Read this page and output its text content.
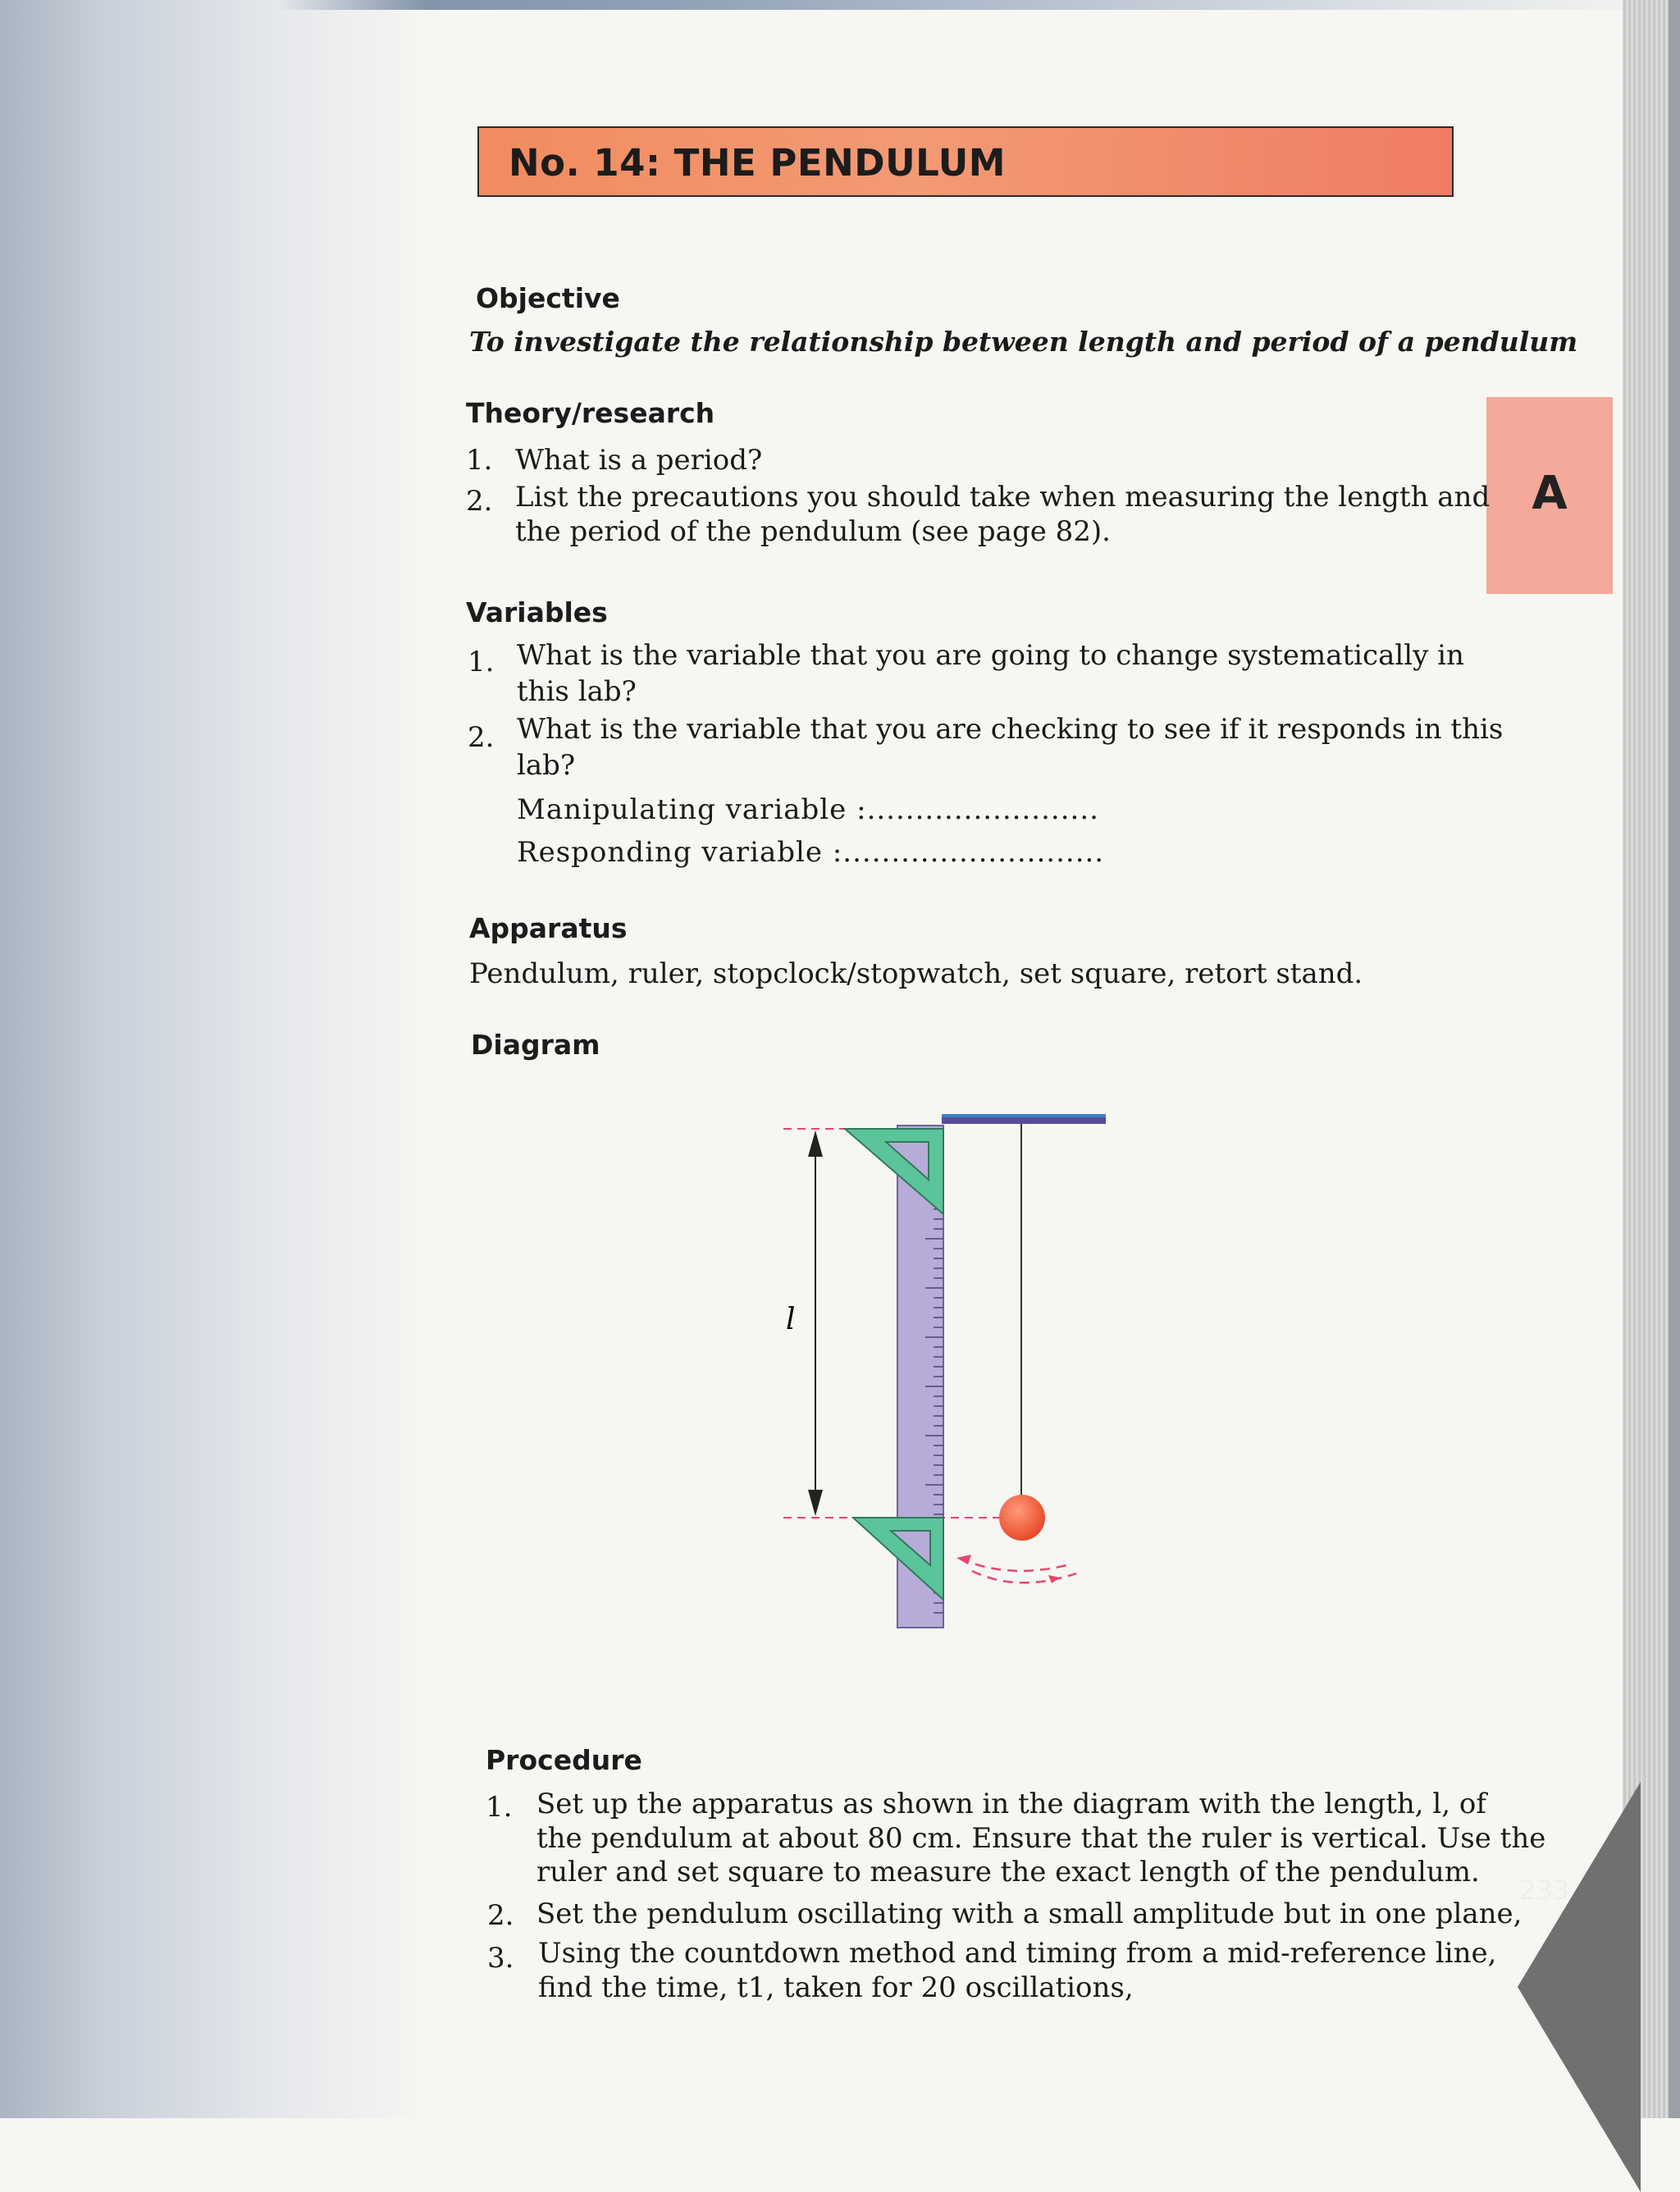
No. 14: THE PENDULUM
A
Objective
To investigate the relationship between length and period of a pendulum
Theory/research
1. What is a period?
2. List the precautions you should take when measuring the length and
the period of the pendulum (see page 82).
Variables
1. What is the variable that you are going to change systematically in
this lab?
2. What is the variable that you are checking to see if it responds in this
lab?
Manipulating variable :........................
Responding variable :...........................
Apparatus
Pendulum, ruler, stopclock/stopwatch, set square, retort stand.
Diagram
l
Procedure
1. Set up the apparatus as shown in the diagram with the length, l, of
the pendulum at about 80 cm. Ensure that the ruler is vertical. Use the
ruler and set square to measure the exact length of the pendulum.
2. Set the pendulum oscillating with a small amplitude but in one plane,
3. Using the countdown method and timing from a mid-reference line,
find the time, t1, taken for 20 oscillations,
233
